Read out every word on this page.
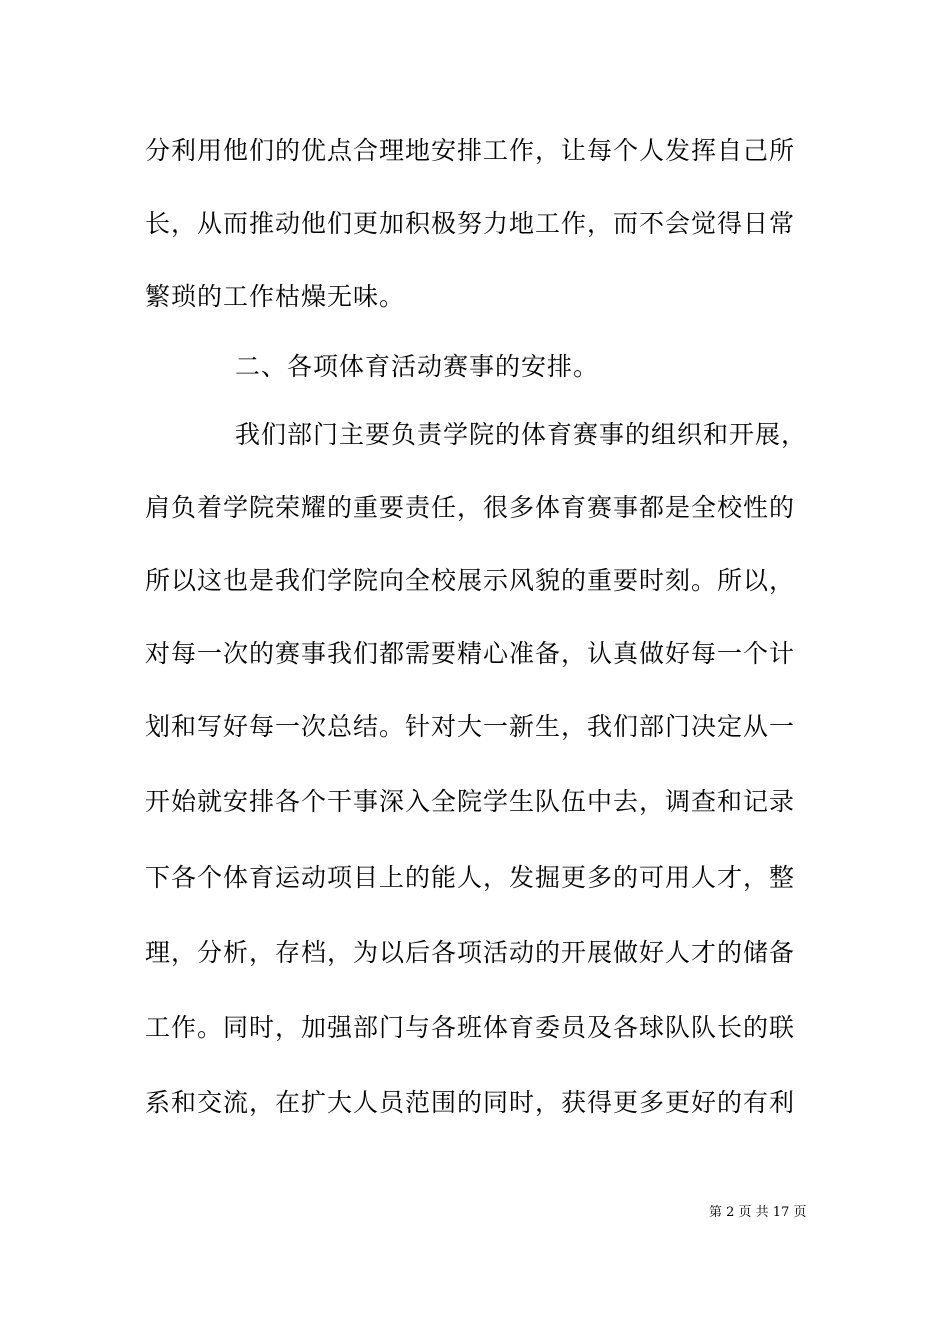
分利用他们的优点合理地安排工作，让每个人发挥自己所
长，从而推动他们更加积极努力地工作，而不会觉得日常
繁琐的工作枯燥无味。
二、各项体育活动赛事的安排。
我们部门主要负责学院的体育赛事的组织和开展，
肩负着学院荣耀的重要责任，很多体育赛事都是全校性的
所以这也是我们学院向全校展示风貌的重要时刻。所以，
对每一次的赛事我们都需要精心准备，认真做好每一个计
划和写好每一次总结。针对大一新生，我们部门决定从一
开始就安排各个干事深入全院学生队伍中去，调查和记录
下各个体育运动项目上的能人，发掘更多的可用人才，整
理，分析，存档，为以后各项活动的开展做好人才的储备
工作。同时，加强部门与各班体育委员及各球队队长的联
系和交流，在扩大人员范围的同时，获得更多更好的有利
第 2 页 共 17 页
